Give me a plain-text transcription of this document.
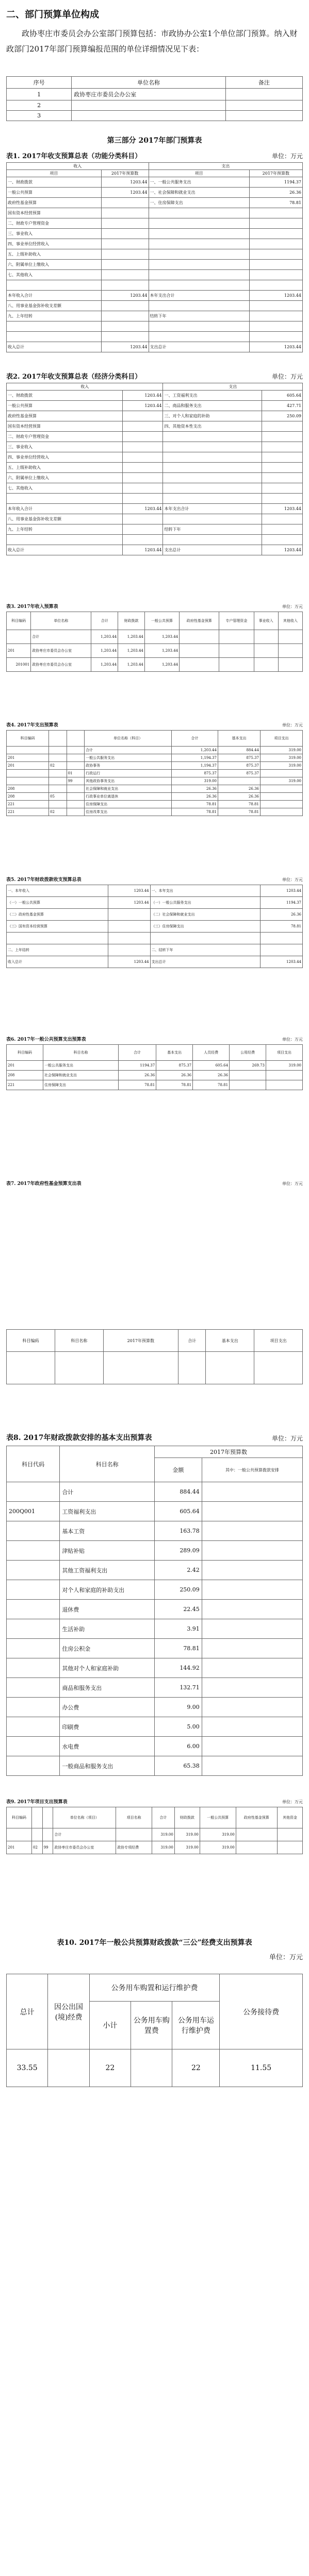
二、部门预算单位构成

政协枣庄市委员会办公室部门预算包括：市政协办公室1个单位部门预算。纳入财政部门2017年部门预算编报范围的单位详细情况见下表：

序号	单位名称	备注
1	政协枣庄市委员会办公室	
2		
3		

第三部分 2017年部门预算表

表1. 2017年收支预算总表（功能分类科目）	单位：万元
收入		支出	
项目	2017年预算数	项目	2017年预算数
一、财政拨款	1203.44	一、一般公共服务支出	1194.37
一般公共预算	1203.44	一、社会保障和就业支出	26.36
政府性基金预算		一、住房保障支出	78.81
国有资本经营预算			
二、财政专户管理资金			
三、事业收入			
四、事业单位经营收入			
五、上级补助收入			
六、附属单位上缴收入			
七、其他收入			

本年收入合计	1203.44	本年支出合计	1203.44
八、用事业基金弥补收支差额			
九、上年结转		结转下年	

收入总计	1203.44	支出总计	1203.44

表2. 2017年收支预算总表（经济分类科目）	单位：万元
收入		支出	
一、财政拨款	1203.44	一、工资福利支出	605.64
一般公共预算	1203.44	二、商品和服务支出	427.71
政府性基金预算		三、对个人和家庭的补助	250.09
国有资本经营预算		四、其他资本性支出	
二、财政专户管理资金			
三、事业收入			
四、事业单位经营收入			
五、上级补助收入			
六、附属单位上缴收入			
七、其他收入			

本年收入合计	1203.44	本年支出合计	1203.44
八、用事业基金弥补收支差额			
九、上年结转		结转下年	

收入总计	1203.44	支出总计	1203.44

表3. 2017年收入预算表	单位：万元
科目编码	单位名称	合计	财政拨款	一般公共预算	政府性基金预算	专户管理资金	事业收入	其他收入
	合计	1,203.44	1,203.44	1,203.44				
201	政协枣庄市委员会办公室	1,203.44	1,203.44	1,203.44				
201001	政协枣庄市委员会办公室	1,203.44	1,203.44	1,203.44				

表4. 2017年支出预算表	单位：万元
科目编码			单位名称（科目）	合计	基本支出	项目支出
			合计	1,203.44	884.44	319.00
201			一般公共服务支出	1,194.37	875.37	319.00
201	02		政协事务	1,194.37	875.37	319.00
		01	行政运行	875.37	875.37	
		99	其他政协事务支出	319.00		319.00
208			社会保障和就业支出	26.36	26.36	
208	05		行政事业单位离退休	26.36	26.36	
221			住房保障支出	78.81	78.81	
221	02		住房改革支出	78.81	78.81	

表5. 2017年财政拨款收支预算总表	单位：万元
一、本年收入	1203.44	一、本年支出	1203.44
（一）一般公共预算	1203.44	（一）一般公共服务支出	1194.37
（二）政府性基金预算		（二）社会保障和就业支出	26.36
（三）国有资本经营预算		（三）住房保障支出	78.81

二、上年结转		二、结转下年	
收入总计	1203.44	支出总计	1203.44

表6. 2017年一般公共预算支出预算表	单位：万元
科目编码	科目名称	合计	基本支出	人员经费	公用经费	项目支出
201	一般公共服务支出	1194.37	875.37	605.64	269.73	319.00
208	社会保障和就业支出	26.36	26.36	26.36		
221	住房保障支出	78.81	78.81	78.81		

表7. 2017年政府性基金预算支出表	单位：万元
科目编码	科目名称	2017年预算数	合计	基本支出	项目支出

表8. 2017年财政拨款安排的基本支出预算表	单位：万元
科目代码	科目名称	2017年预算数	
		金额	其中：一般公共预算拨款安排
	合计	884.44	
200Q001	工资福利支出	605.64	
	基本工资	163.78	
	津贴补贴	289.09	
	其他工资福利支出	2.42	
	对个人和家庭的补助支出	250.09	
	退休费	22.45	
	生活补助	3.91	
	住房公积金	78.81	
	其他对个人和家庭补助	144.92	
	商品和服务支出	132.71	
	办公费	9.00	
	印刷费	5.00	
	水电费	6.00	
	一般商品和服务支出	65.38	

表9. 2017年项目支出预算表	单位：万元
科目编码			单位名称（项目）	项目名称	合计	财政拨款	一般公共预算	政府性基金预算	其他资金
			合计		319.00	319.00	319.00		
201	02	99	政协枣庄市委员会办公室	政协专项经费	319.00	319.00	319.00		

表10. 2017年一般公共预算财政拨款“三公”经费支出预算表

单位：万元
总计	因公出国(境)经费	公务用车购置和运行维护费			公务接待费
		小计	公务用车购置费	公务用车运行维护费	
33.55		22		22	11.55
